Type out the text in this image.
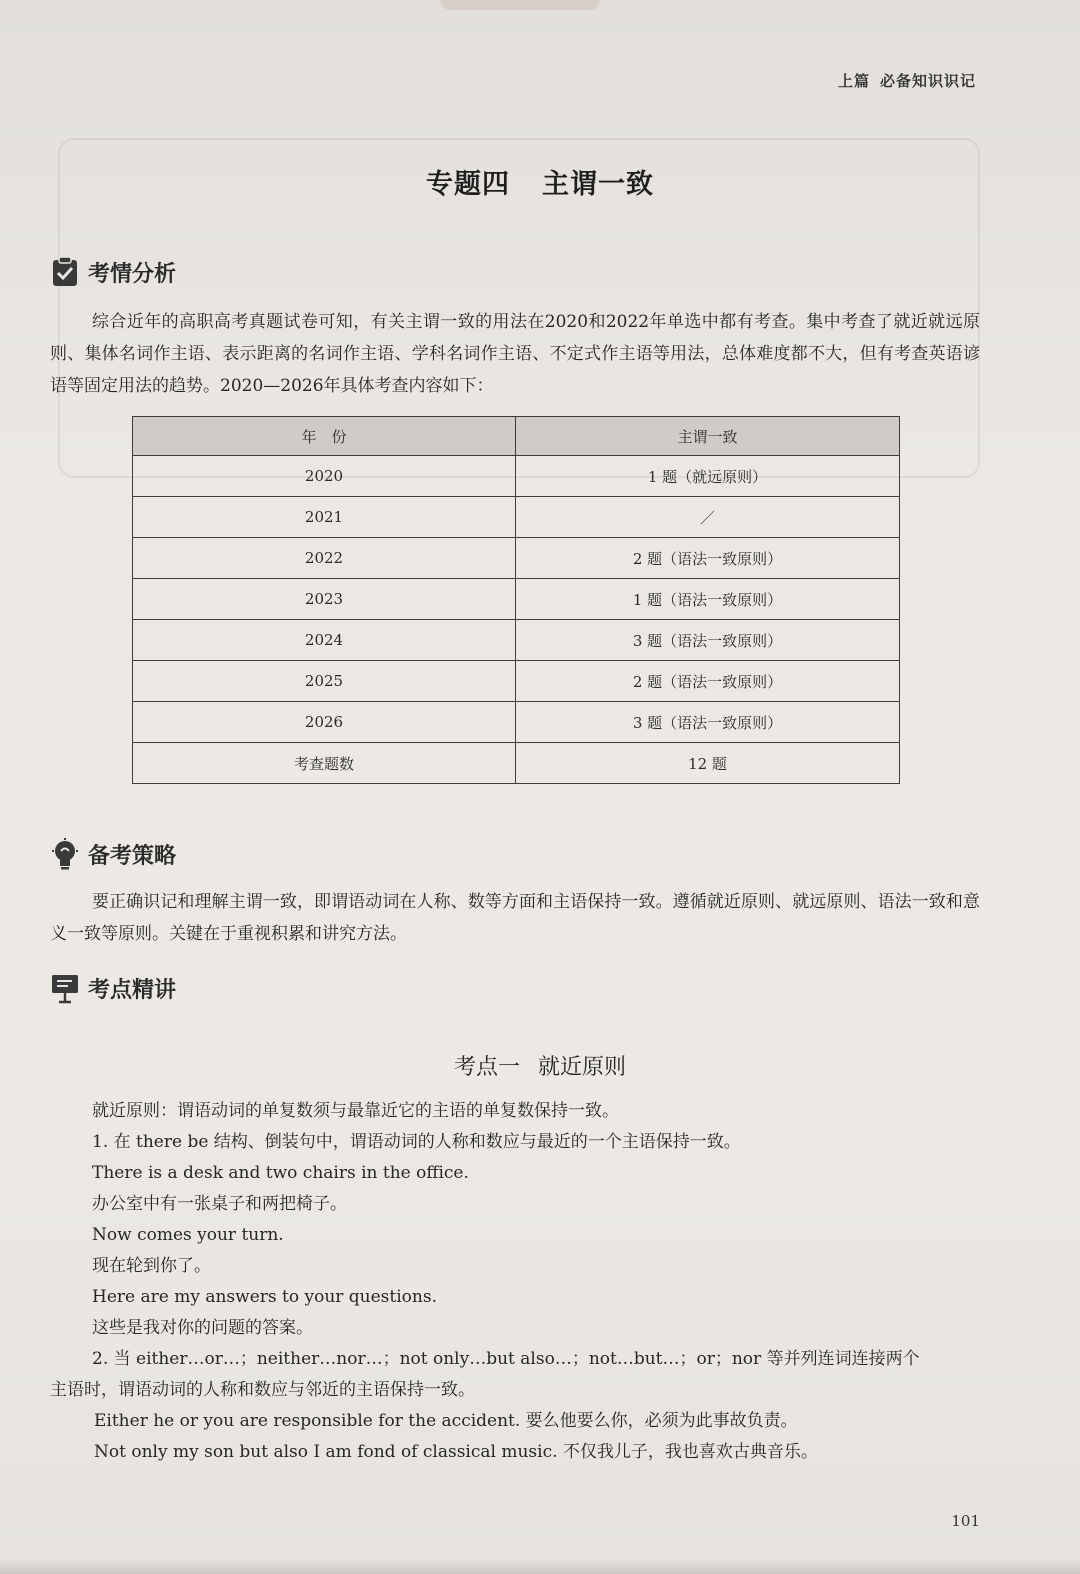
上篇 必备知识识记
专题四 主谓一致
考情分析

综合近年的高职高考真题试卷可知，有关主谓一致的用法在2020和2022年单选中都有考查。集中考查了就近就远原则、集体名词作主语、表示距离的名词作主语、学科名词作主语、不定式作主语等用法，总体难度都不大，但有考查英语谚语等固定用法的趋势。2020—2026年具体考查内容如下：

年　份	主谓一致
2020	1 题（就远原则）
2021	／
2022	2 题（语法一致原则）
2023	1 题（语法一致原则）
2024	3 题（语法一致原则）
2025	2 题（语法一致原则）
2026	3 题（语法一致原则）
考查题数	12 题
备考策略

要正确识记和理解主谓一致，即谓语动词在人称、数等方面和主语保持一致。遵循就近原则、就远原则、语法一致和意义一致等原则。关键在于重视积累和讲究方法。

考点精讲
考点一 就近原则
就近原则：谓语动词的单复数须与最靠近它的主语的单复数保持一致。
1. 在 there be 结构、倒装句中，谓语动词的人称和数应与最近的一个主语保持一致。
There is a desk and two chairs in the office.
办公室中有一张桌子和两把椅子。
Now comes your turn.
现在轮到你了。
Here are my answers to your questions.
这些是我对你的问题的答案。
2. 当 either…or…；neither…nor…；not only…but also…；not…but…；or；nor 等并列连词连接两个
主语时，谓语动词的人称和数应与邻近的主语保持一致。
Either he or you are responsible for the accident. 要么他要么你，必须为此事故负责。
Not only my son but also I am fond of classical music. 不仅我儿子，我也喜欢古典音乐。
101
